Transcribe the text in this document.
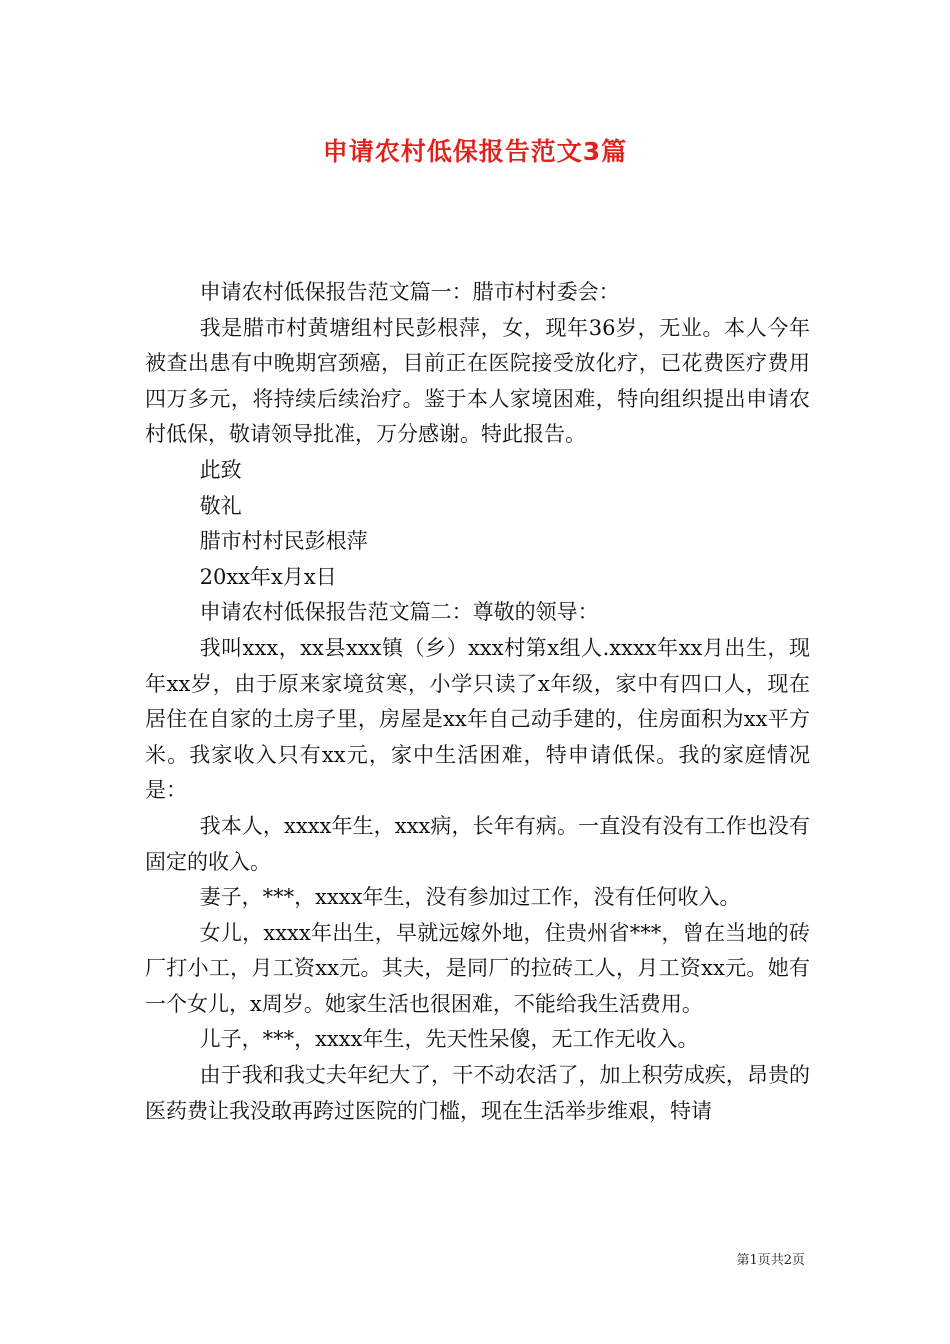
申请农村低保报告范文3篇

申请农村低保报告范文篇一：腊市村村委会：

我是腊市村黄塘组村民彭根萍，女，现年36岁，无业。本人今年被查出患有中晚期宫颈癌，目前正在医院接受放化疗，已花费医疗费用四万多元，将持续后续治疗。鉴于本人家境困难，特向组织提出申请农村低保，敬请领导批准，万分感谢。特此报告。

此致

敬礼

腊市村村民彭根萍

20xx年x月x日

申请农村低保报告范文篇二：尊敬的领导：

我叫xxx，xx县xxx镇（乡）xxx村第x组人.xxxx年xx月出生，现年xx岁，由于原来家境贫寒，小学只读了x年级，家中有四口人，现在居住在自家的土房子里，房屋是xx年自己动手建的，住房面积为xx平方米。我家收入只有xx元，家中生活困难，特申请低保。我的家庭情况是：

我本人，xxxx年生，xxx病，长年有病。一直没有没有工作也没有固定的收入。

妻子，***，xxxx年生，没有参加过工作，没有任何收入。

女儿，xxxx年出生，早就远嫁外地，住贵州省***，曾在当地的砖厂打小工，月工资xx元。其夫，是同厂的拉砖工人，月工资xx元。她有一个女儿，x周岁。她家生活也很困难，不能给我生活费用。

儿子，***，xxxx年生，先天性呆傻，无工作无收入。

由于我和我丈夫年纪大了，干不动农活了，加上积劳成疾，昂贵的医药费让我没敢再跨过医院的门槛，现在生活举步维艰，特请

第1页共2页
